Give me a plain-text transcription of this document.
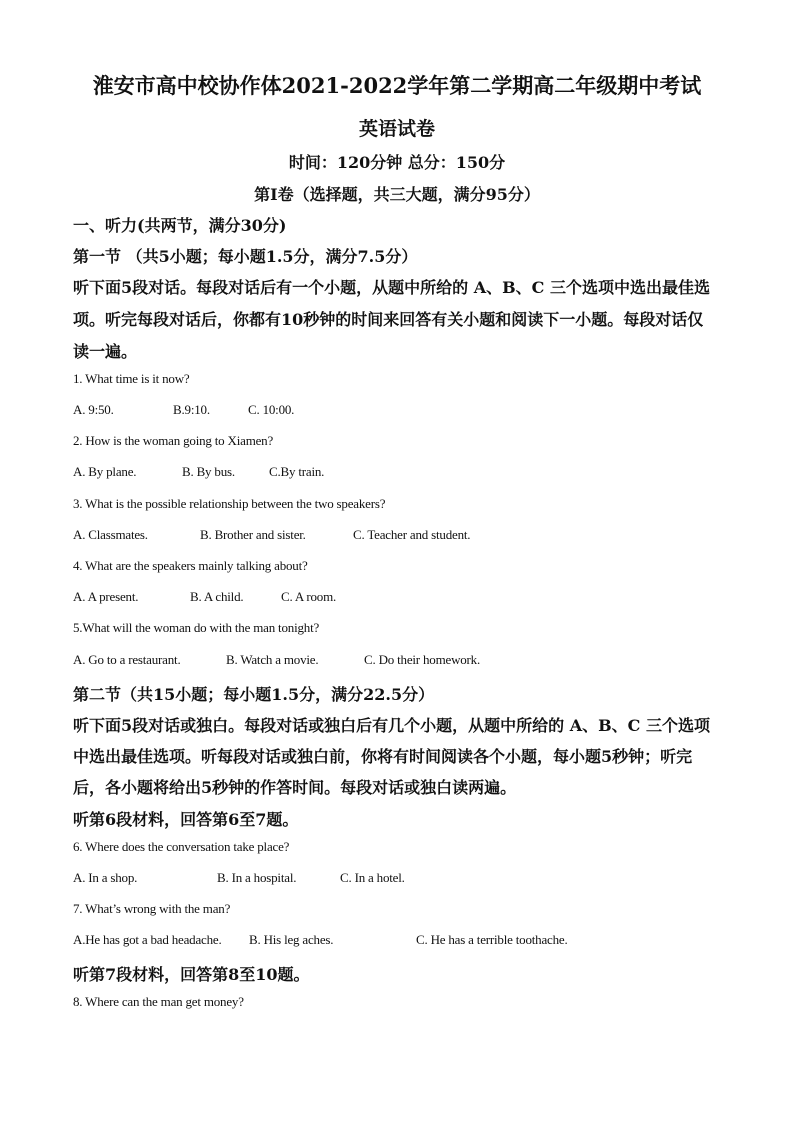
淮安市高中校协作体2021-2022学年第二学期高二年级期中考试
英语试卷
时间：120分钟 总分：150分
第I卷（选择题，共三大题，满分95分）
一、听力(共两节，满分30分)
第一节 （共5小题；每小题1.5分，满分7.5分）
听下面5段对话。每段对话后有一个小题，从题中所给的 A、B、C 三个选项中选出最佳选
项。听完每段对话后，你都有10秒钟的时间来回答有关小题和阅读下一小题。每段对话仅
读一遍。
1. What time is it now?
A. 9:50.	B.9:10.	C. 10:00.
2. How is the woman going to Xiamen?
A. By plane.	B. By bus.	C.By train.
3. What is the possible relationship between the two speakers?
A. Classmates.	B. Brother and sister.	C. Teacher and student.
4. What are the speakers mainly talking about?
A. A present.	B. A child.	C. A room.
5.What will the woman do with the man tonight?
A. Go to a restaurant.	B. Watch a movie.	C. Do their homework.
第二节（共15小题；每小题1.5分，满分22.5分）
听下面5段对话或独白。每段对话或独白后有几个小题，从题中所给的 A、B、C 三个选项
中选出最佳选项。听每段对话或独白前，你将有时间阅读各个小题，每小题5秒钟；听完
后，各小题将给出5秒钟的作答时间。每段对话或独白读两遍。
听第6段材料，回答第6至7题。
6. Where does the conversation take place?
A. In a shop.	B. In a hospital.	C. In a hotel.
7. What’s wrong with the man?
A.He has got a bad headache. B. His leg aches.	C. He has a terrible toothache.
听第7段材料，回答第8至10题。
8. Where can the man get money?
